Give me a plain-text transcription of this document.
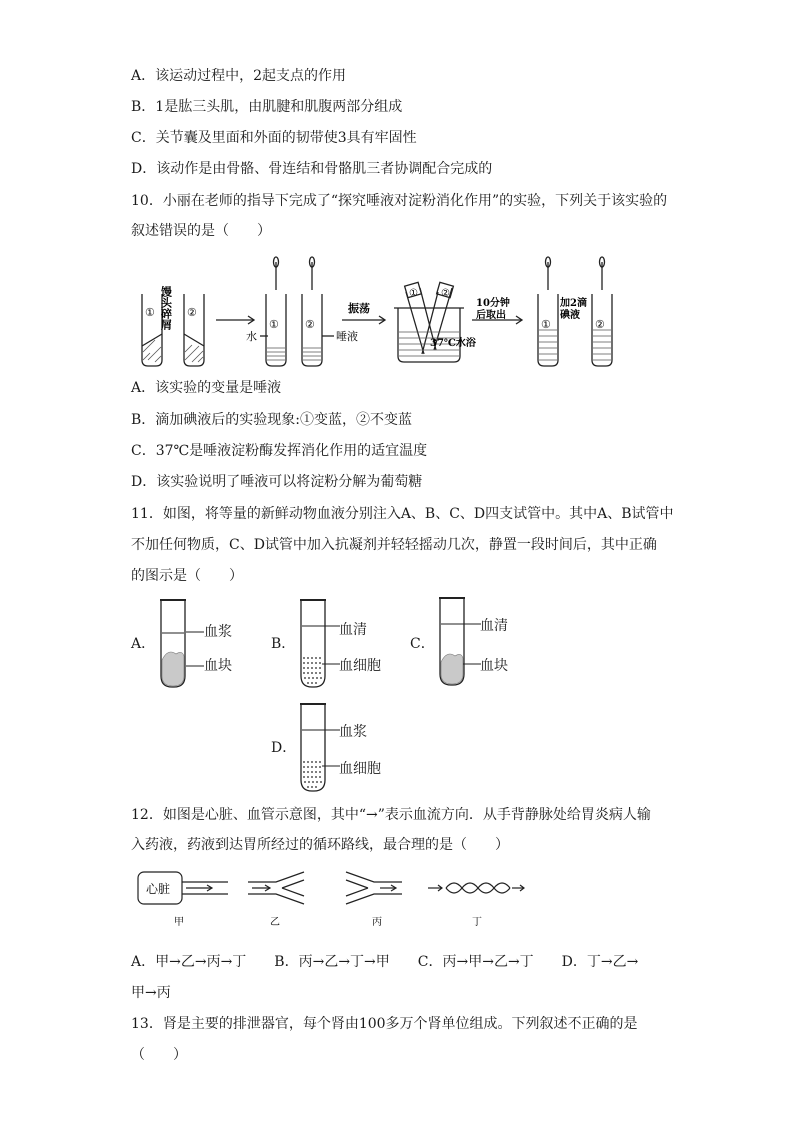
A．该运动过程中，2起支点的作用
B．1是肱三头肌，由肌腱和肌腹两部分组成
C．关节囊及里面和外面的韧带使3具有牢固性
D．该动作是由骨骼、骨连结和骨骼肌三者协调配合完成的
10．小丽在老师的指导下完成了“探究唾液对淀粉消化作用”的实验，下列关于该实验的
叙述错误的是（　　）
①	②
① ②	①	②
① ②
馒头碎屑
水	唾液
振荡	10分钟
后取出
37℃水浴
加2滴
碘液
A．该实验的变量是唾液
B．滴加碘液后的实验现象:①变蓝，②不变蓝
C．37℃是唾液淀粉酶发挥消化作用的适宜温度
D．该实验说明了唾液可以将淀粉分解为葡萄糖
11．如图，将等量的新鲜动物血液分别注入A、B、C、D四支试管中。其中A、B试管中
不加任何物质，C、D试管中加入抗凝剂并轻轻摇动几次，静置一段时间后，其中正确
的图示是（　　）
A．
血浆
血块
B．
血清
血细胞
C．
血清
血块
D．
血浆
血细胞
12．如图是心脏、血管示意图，其中“→”表示血流方向．从手背静脉处给胃炎病人输
入药液，药液到达胃所经过的循环路线，最合理的是（　　）
心脏
甲	乙	丙	丁
A．甲→乙→丙→丁　　B．丙→乙→丁→甲　　C．丙→甲→乙→丁　　D．丁→乙→
甲→丙
13．肾是主要的排泄器官，每个肾由100多万个肾单位组成。下列叙述不正确的是
（　　）
